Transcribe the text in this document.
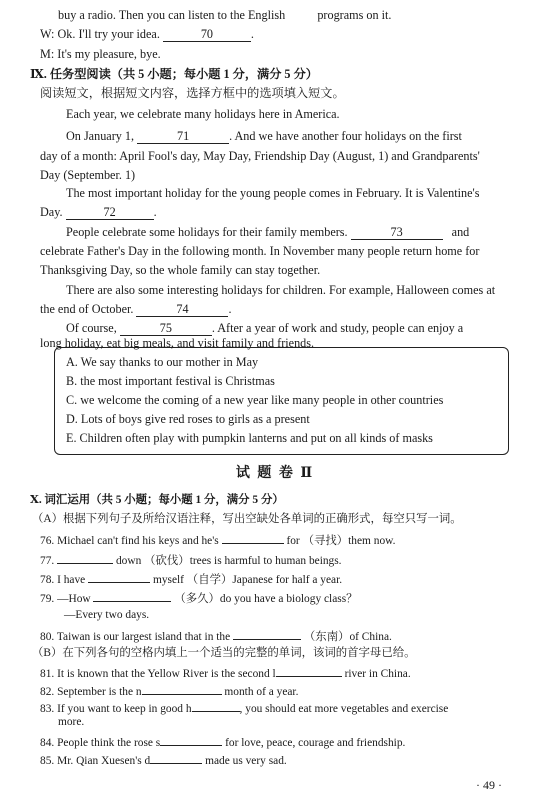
buy a radio. Then you can listen to the English	programs on it.
W: Ok. I'll try your idea.	70	.
M: It's my pleasure, bye.
Ⅸ. 任务型阅读（共 5 小题；每小题 1 分，满分 5 分）
阅读短文，根据短文内容，选择方框中的选项填入短文。
Each year, we celebrate many holidays here in America.
On January 1,	71	. And we have another four holidays on the first
day of a month: April Fool's day, May Day, Friendship Day (August, 1) and Grandparents'
Day (September. 1)
The most important holiday for the young people comes in February. It is Valentine's
Day.	72	.
People celebrate some holidays for their family members.	73	and
celebrate Father's Day in the following month. In November many people return home for
Thanksgiving Day, so the whole family can stay together.
There are also some interesting holidays for children. For example, Halloween comes at
the end of October.	74	.
Of course,	75	. After a year of work and study, people can enjoy a
long holiday, eat big meals, and visit family and friends.
A. We say thanks to our mother in May
B. the most important festival is Christmas
C. we welcome the coming of a new year like many people in other countries
D. Lots of boys give red roses to girls as a present
E. Children often play with pumpkin lanterns and put on all kinds of masks
试 题 卷 Ⅱ
Ⅹ. 词汇运用（共 5 小题；每小题 1 分，满分 5 分）
（A）根据下列句子及所给汉语注释，写出空缺处各单词的正确形式，每空只写一词。
76. Michael can't find his keys and he's	for （寻找）them now.
77.	down （砍伐）trees is harmful to human beings.
78. I have	myself （自学）Japanese for half a year.
79. —How	（多久）do you have a biology class？
—Every two days.
80. Taiwan is our largest island that in the	（东南）of China.
（B）在下列各句的空格内填上一个适当的完整的单词，该词的首字母已给。
81. It is known that the Yellow River is the second l	river in China.
82. September is the n	month of a year.
83. If you want to keep in good h	, you should eat more vegetables and exercise
more.
84. People think the rose s	for love, peace, courage and friendship.
85. Mr. Qian Xuesen's d	made us very sad.
· 49 ·
